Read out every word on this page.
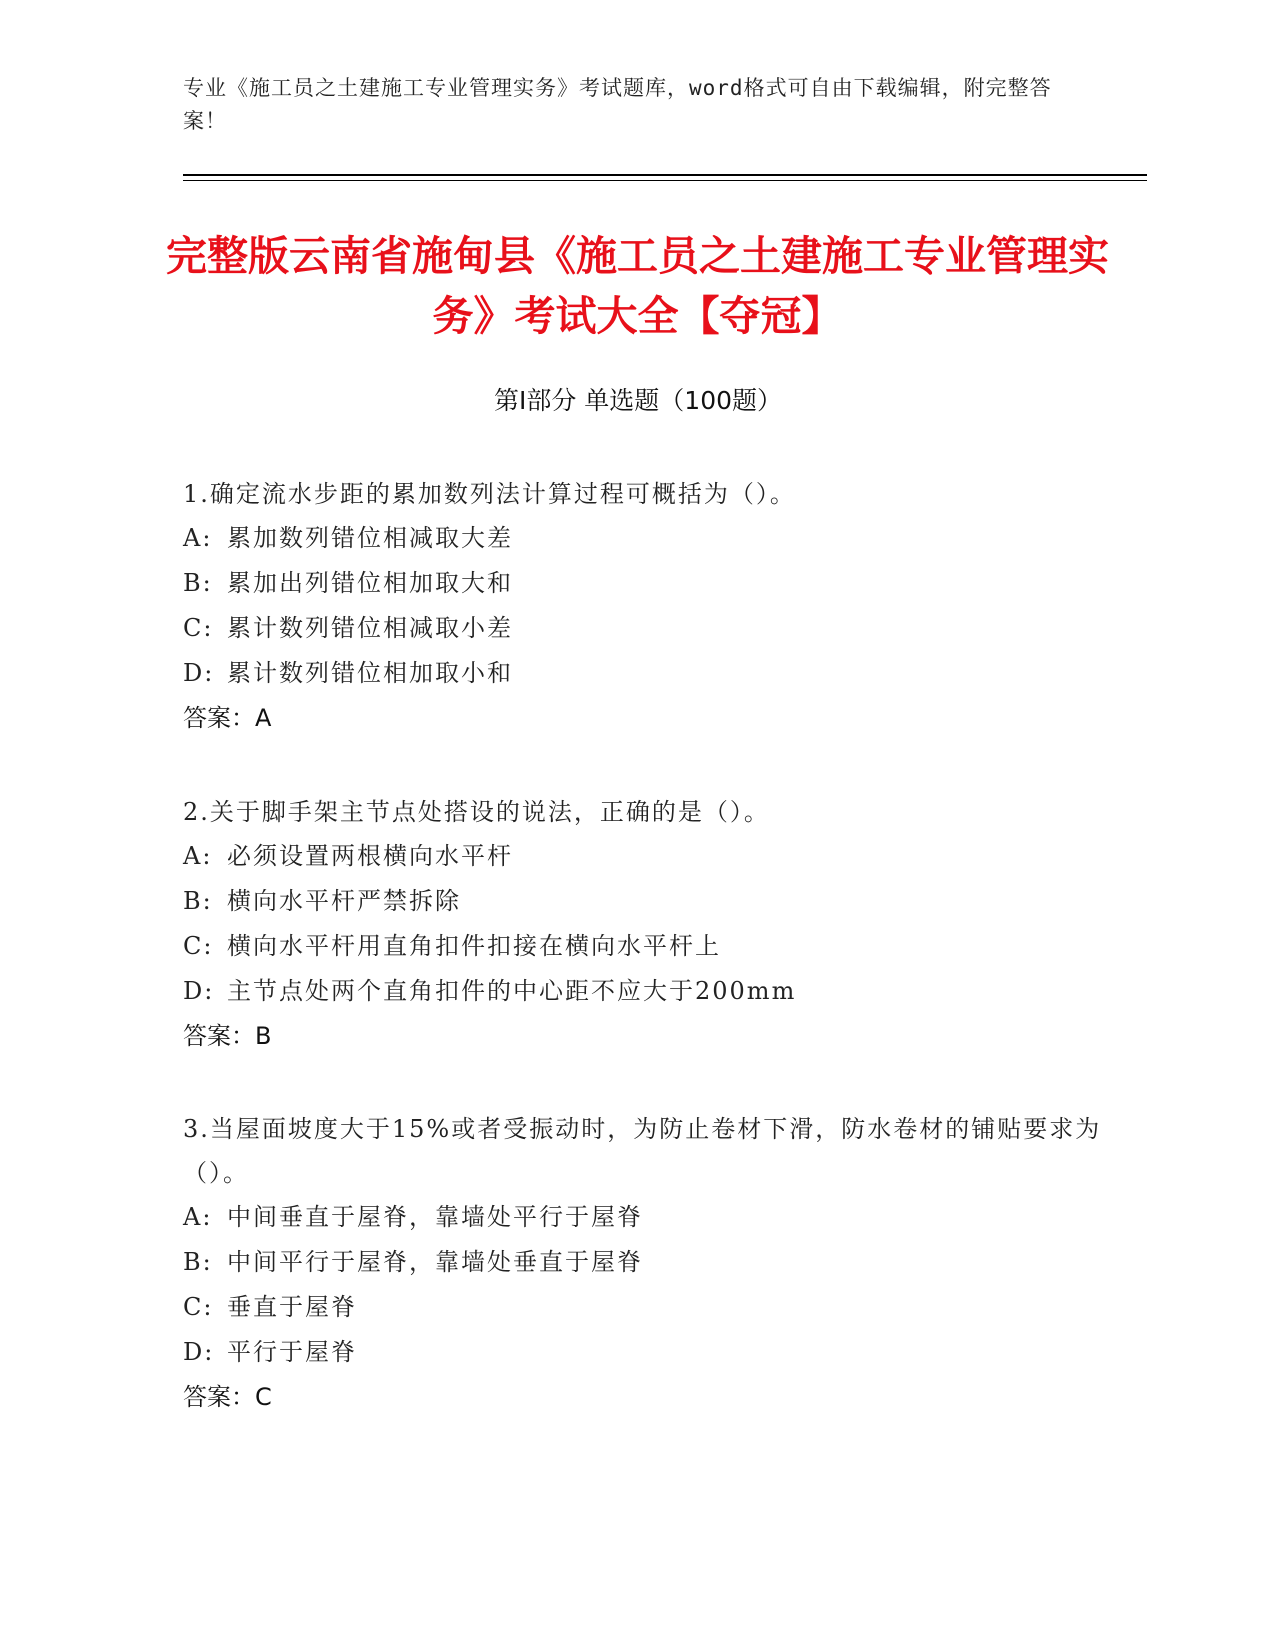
专业《施工员之土建施工专业管理实务》考试题库，word格式可自由下载编辑，附完整答案！
完整版云南省施甸县《施工员之土建施工专业管理实务》考试大全【夺冠】
第Ⅰ部分 单选题（100题）
1.确定流水步距的累加数列法计算过程可概括为（）。
A: 累加数列错位相减取大差
B: 累加出列错位相加取大和
C: 累计数列错位相减取小差
D: 累计数列错位相加取小和
答案：A
2.关于脚手架主节点处搭设的说法，正确的是（）。
A: 必须设置两根横向水平杆
B: 横向水平杆严禁拆除
C: 横向水平杆用直角扣件扣接在横向水平杆上
D: 主节点处两个直角扣件的中心距不应大于200mm
答案：B
3.当屋面坡度大于15%或者受振动时，为防止卷材下滑，防水卷材的铺贴要求为（）。
A: 中间垂直于屋脊，靠墙处平行于屋脊
B: 中间平行于屋脊，靠墙处垂直于屋脊
C: 垂直于屋脊
D: 平行于屋脊
答案：C
